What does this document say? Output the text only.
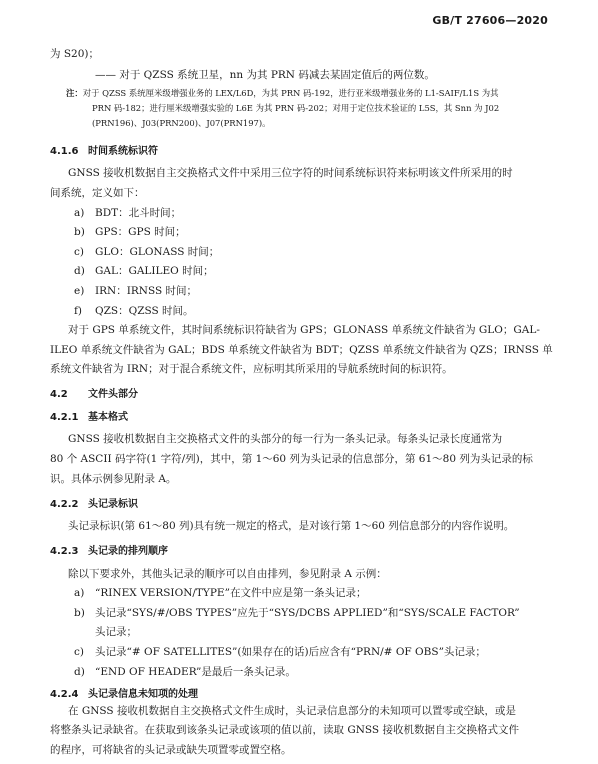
GB/T 27606—2020
为 S20)；
—— 对于 QZSS 系统卫星，nn 为其 PRN 码减去某固定值后的两位数。
注：对于 QZSS 系统厘米级增强业务的 LEX/L6D，为其 PRN 码-192，进行亚米级增强业务的 L1-SAIF/L1S 为其
PRN 码-182；进行厘米级增强实验的 L6E 为其 PRN 码-202；对用于定位技术验证的 L5S，其 Snn 为 J02
(PRN196)、J03(PRN200)、J07(PRN197)。
4.1.6 时间系统标识符
GNSS 接收机数据自主交换格式文件中采用三位字符的时间系统标识符来标明该文件所采用的时
间系统，定义如下：
a) BDT：北斗时间；
b) GPS：GPS 时间；
c) GLO：GLONASS 时间；
d) GAL：GALILEO 时间；
e) IRN：IRNSS 时间；
f) QZS：QZSS 时间。
对于 GPS 单系统文件，其时间系统标识符缺省为 GPS；GLONASS 单系统文件缺省为 GLO；GAL-
ILEO 单系统文件缺省为 GAL；BDS 单系统文件缺省为 BDT；QZSS 单系统文件缺省为 QZS；IRNSS 单
系统文件缺省为 IRN；对于混合系统文件，应标明其所采用的导航系统时间的标识符。
4.2 文件头部分
4.2.1 基本格式
GNSS 接收机数据自主交换格式文件的头部分的每一行为一条头记录。每条头记录长度通常为
80 个 ASCII 码字符(1 字符/列)，其中，第 1～60 列为头记录的信息部分，第 61～80 列为头记录的标
识。具体示例参见附录 A。
4.2.2 头记录标识
头记录标识(第 61～80 列)具有统一规定的格式，是对该行第 1～60 列信息部分的内容作说明。
4.2.3 头记录的排列顺序
除以下要求外，其他头记录的顺序可以自由排列，参见附录 A 示例：
a) “RINEX VERSION/TYPE”在文件中应是第一条头记录；
b) 头记录“SYS/#/OBS TYPES”应先于“SYS/DCBS APPLIED”和“SYS/SCALE FACTOR”
头记录；
c) 头记录“# OF SATELLITES”(如果存在的话)后应含有“PRN/# OF OBS”头记录；
d) “END OF HEADER”是最后一条头记录。
4.2.4 头记录信息未知项的处理
在 GNSS 接收机数据自主交换格式文件生成时，头记录信息部分的未知项可以置零或空缺，或是
将整条头记录缺省。在获取到该条头记录或该项的值以前，读取 GNSS 接收机数据自主交换格式文件
的程序，可将缺省的头记录或缺失项置零或置空格。
